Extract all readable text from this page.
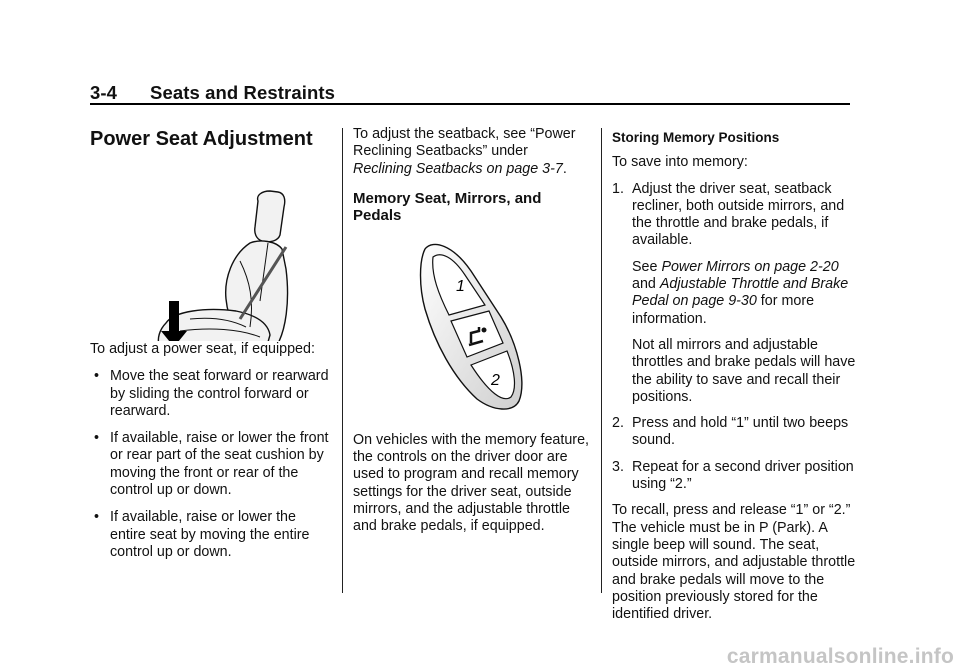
3-4 Seats and Restraints
Power Seat Adjustment

To adjust a power seat, if equipped:

• Move the seat forward or rearward by sliding the control forward or rearward.
• If available, raise or lower the front or rear part of the seat cushion by moving the front or rear of the control up or down.
• If available, raise or lower the entire seat by moving the entire control up or down.

To adjust the seatback, see “Power Reclining Seatbacks” under
Reclining Seatbacks on page 3-7.

Memory Seat, Mirrors, and Pedals
1
2

On vehicles with the memory feature, the controls on the driver door are used to program and recall memory settings for the driver seat, outside mirrors, and the adjustable throttle and brake pedals, if equipped.

Storing Memory Positions

To save into memory:

1. Adjust the driver seat, seatback recliner, both outside mirrors, and the throttle and brake pedals, if available.

See Power Mirrors on page 2-20 and Adjustable Throttle and Brake Pedal on page 9-30 for more information.

Not all mirrors and adjustable throttles and brake pedals will have the ability to save and recall their positions.

2. Press and hold “1” until two beeps sound.
3. Repeat for a second driver position using “2.”

To recall, press and release “1” or “2.” The vehicle must be in P (Park). A single beep will sound. The seat, outside mirrors, and adjustable throttle and brake pedals will move to the position previously stored for the identified driver.

carmanualsonline.info
